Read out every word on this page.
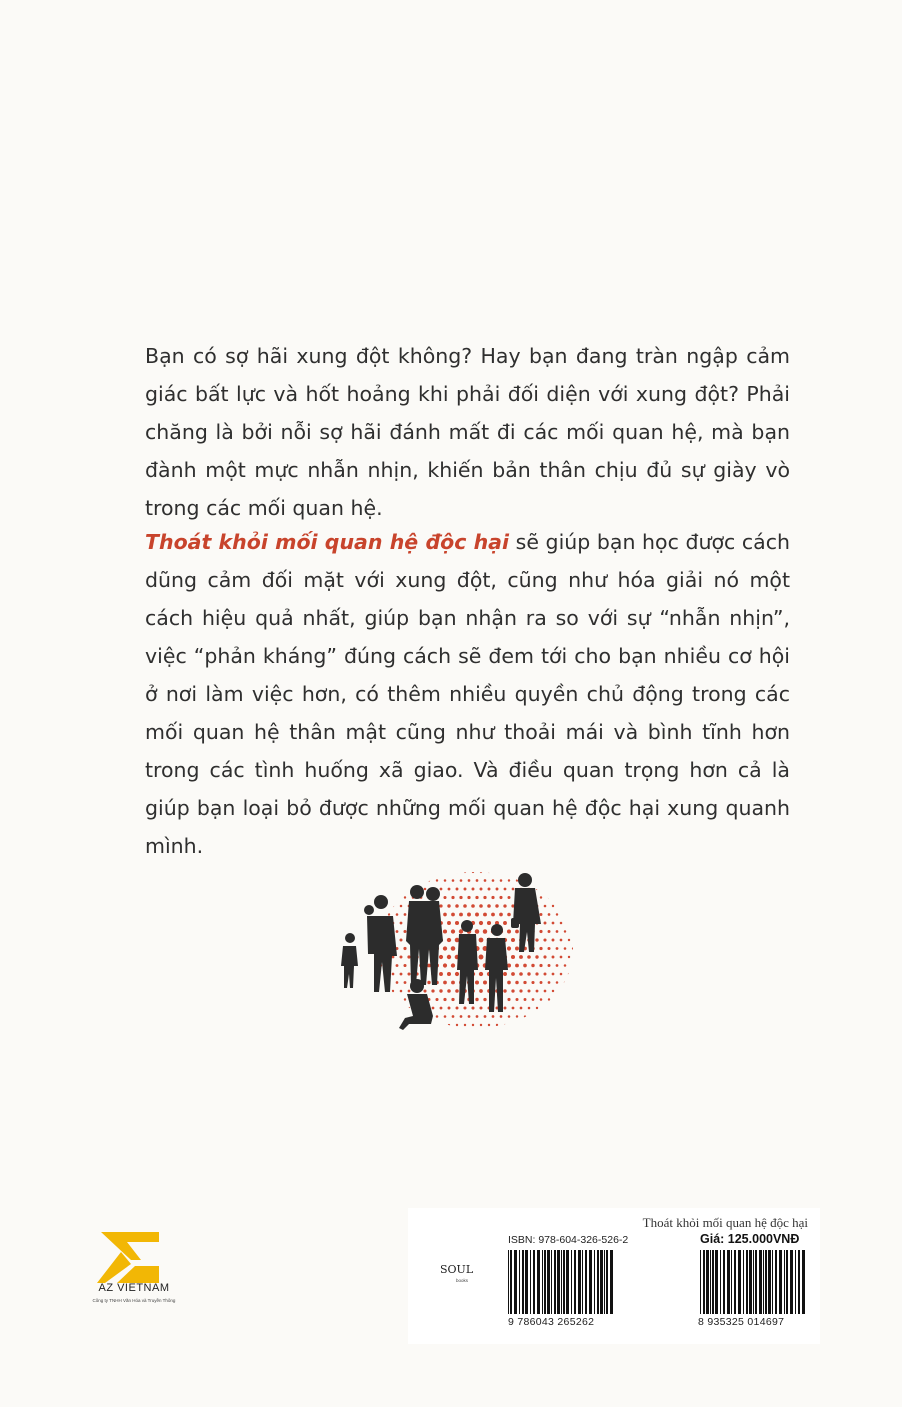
Bạn có sợ hãi xung đột không? Hay bạn đang tràn ngập cảm giác bất lực và hốt hoảng khi phải đối diện với xung đột? Phải chăng là bởi nỗi sợ hãi đánh mất đi các mối quan hệ, mà bạn đành một mực nhẫn nhịn, khiến bản thân chịu đủ sự giày vò trong các mối quan hệ.

Thoát khỏi mối quan hệ độc hại sẽ giúp bạn học được cách dũng cảm đối mặt với xung đột, cũng như hóa giải nó một cách hiệu quả nhất, giúp bạn nhận ra so với sự “nhẫn nhịn”, việc “phản kháng” đúng cách sẽ đem tới cho bạn nhiều cơ hội ở nơi làm việc hơn, có thêm nhiều quyền chủ động trong các mối quan hệ thân mật cũng như thoải mái và bình tĩnh hơn trong các tình huống xã giao. Và điều quan trọng hơn cả là giúp bạn loại bỏ được những mối quan hệ độc hại xung quanh mình.

AZ VIETNAM
Công ty TNHH Văn Hóa và Truyền Thông
Thoát khỏi mối quan hệ độc hại
ISBN: 978-604-326-526-2	Giá: 125.000VNĐ
SOUL
books
9 786043 265262	8 935325 014697
